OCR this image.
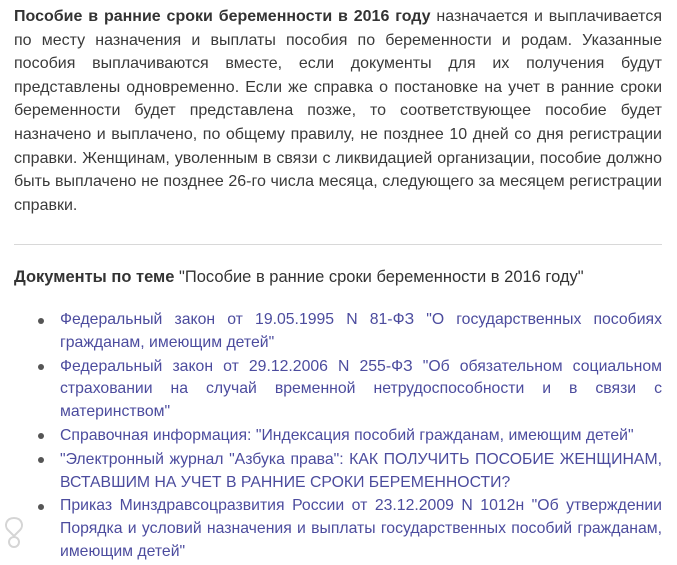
Пособие в ранние сроки беременности в 2016 году назначается и выплачивается по месту назначения и выплаты пособия по беременности и родам. Указанные пособия выплачиваются вместе, если документы для их получения будут представлены одновременно. Если же справка о постановке на учет в ранние сроки беременности будет представлена позже, то соответствующее пособие будет назначено и выплачено, по общему правилу, не позднее 10 дней со дня регистрации справки. Женщинам, уволенным в связи с ликвидацией организации, пособие должно быть выплачено не позднее 26-го числа месяца, следующего за месяцем регистрации справки.

Документы по теме "Пособие в ранние сроки беременности в 2016 году"
Федеральный закон от 19.05.1995 N 81-ФЗ "О государственных пособиях гражданам, имеющим детей"
Федеральный закон от 29.12.2006 N 255-ФЗ "Об обязательном социальном страховании на случай временной нетрудоспособности и в связи с материнством"
Справочная информация: "Индексация пособий гражданам, имеющим детей"
"Электронный журнал "Азбука права": КАК ПОЛУЧИТЬ ПОСОБИЕ ЖЕНЩИНАМ, ВСТАВШИМ НА УЧЕТ В РАННИЕ СРОКИ БЕРЕМЕННОСТИ?
Приказ Минздравсоцразвития России от 23.12.2009 N 1012н "Об утверждении Порядка и условий назначения и выплаты государственных пособий гражданам, имеющим детей"
